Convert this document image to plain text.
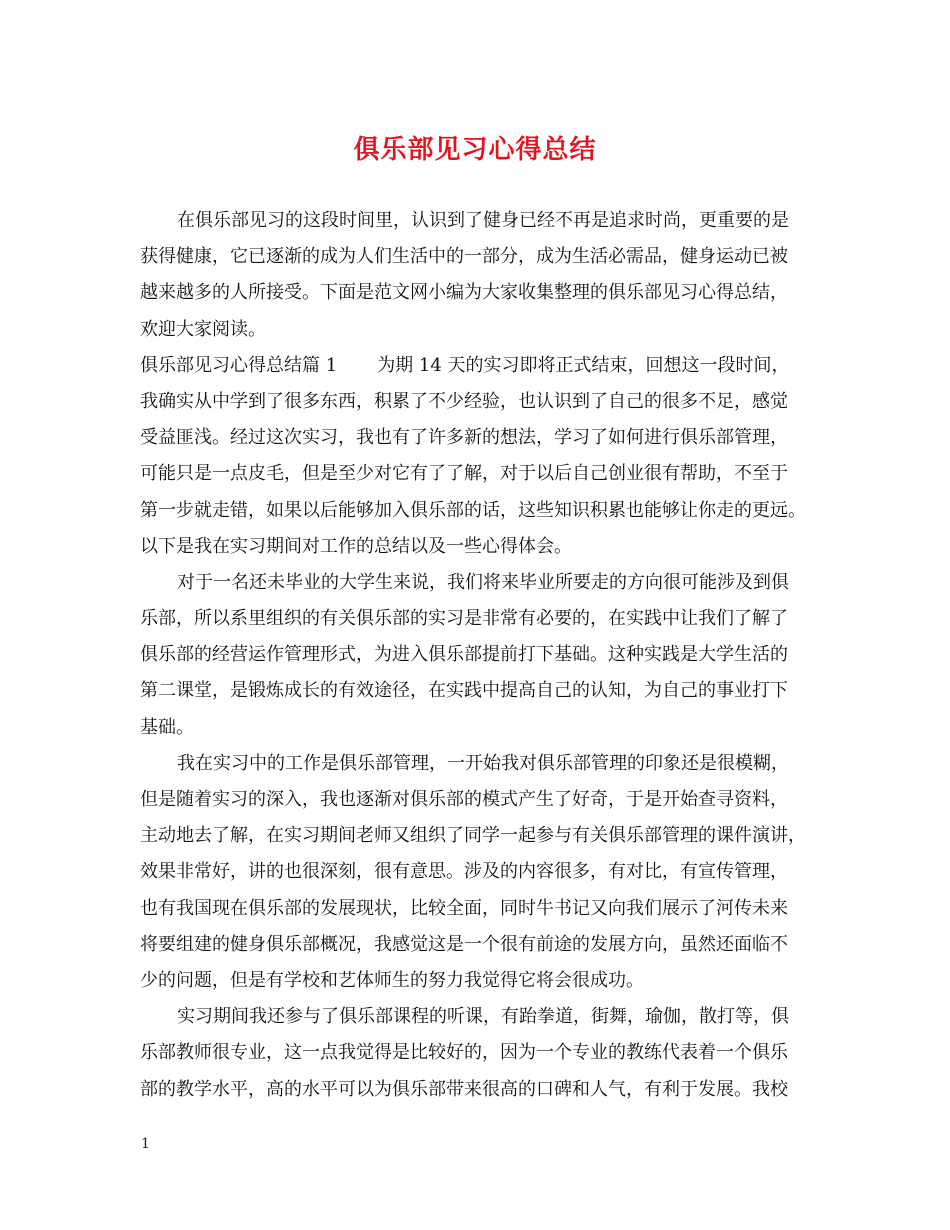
俱乐部见习心得总结

在俱乐部见习的这段时间里，认识到了健身已经不再是追求时尚，更重要的是

获得健康，它已逐渐的成为人们生活中的一部分，成为生活必需品，健身运动已被

越来越多的人所接受。下面是范文网小编为大家收集整理的俱乐部见习心得总结，

欢迎大家阅读。

俱乐部见习心得总结篇 1 为期 14 天的实习即将正式结束，回想这一段时间，

我确实从中学到了很多东西，积累了不少经验，也认识到了自己的很多不足，感觉

受益匪浅。经过这次实习，我也有了许多新的想法，学习了如何进行俱乐部管理，

可能只是一点皮毛，但是至少对它有了了解，对于以后自己创业很有帮助，不至于

第一步就走错，如果以后能够加入俱乐部的话，这些知识积累也能够让你走的更远。

以下是我在实习期间对工作的总结以及一些心得体会。

对于一名还未毕业的大学生来说，我们将来毕业所要走的方向很可能涉及到俱

乐部，所以系里组织的有关俱乐部的实习是非常有必要的，在实践中让我们了解了

俱乐部的经营运作管理形式，为进入俱乐部提前打下基础。这种实践是大学生活的

第二课堂，是锻炼成长的有效途径，在实践中提高自己的认知，为自己的事业打下

基础。

我在实习中的工作是俱乐部管理，一开始我对俱乐部管理的印象还是很模糊，

但是随着实习的深入，我也逐渐对俱乐部的模式产生了好奇，于是开始查寻资料，

主动地去了解，在实习期间老师又组织了同学一起参与有关俱乐部管理的课件演讲，

效果非常好，讲的也很深刻，很有意思。涉及的内容很多，有对比，有宣传管理，

也有我国现在俱乐部的发展现状，比较全面，同时牛书记又向我们展示了河传未来

将要组建的健身俱乐部概况，我感觉这是一个很有前途的发展方向，虽然还面临不

少的问题，但是有学校和艺体师生的努力我觉得它将会很成功。

实习期间我还参与了俱乐部课程的听课，有跆拳道，街舞，瑜伽，散打等，俱

乐部教师很专业，这一点我觉得是比较好的，因为一个专业的教练代表着一个俱乐

部的教学水平，高的水平可以为俱乐部带来很高的口碑和人气，有利于发展。我校

1
